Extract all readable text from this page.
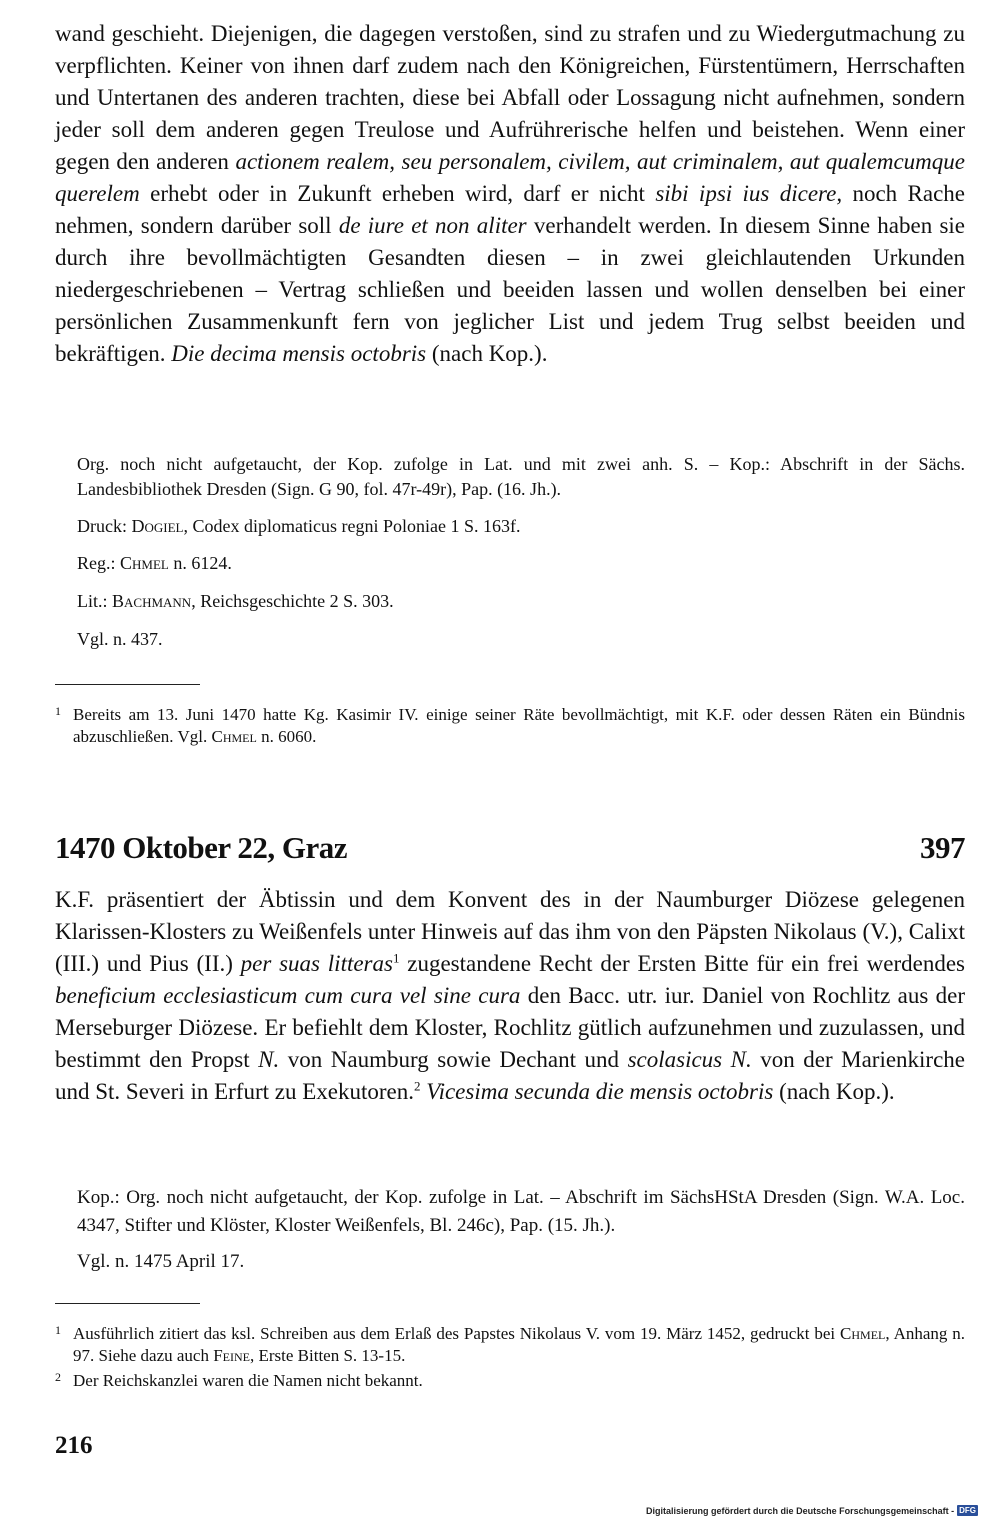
wand geschieht. Diejenigen, die dagegen verstoßen, sind zu strafen und zu Wiedergutmachung zu verpflichten. Keiner von ihnen darf zudem nach den Königreichen, Fürstentümern, Herrschaften und Untertanen des anderen trachten, diese bei Abfall oder Lossagung nicht aufnehmen, sondern jeder soll dem anderen gegen Treulose und Aufrührerische helfen und beistehen. Wenn einer gegen den anderen actionem realem, seu personalem, civilem, aut criminalem, aut qualemcumque querelem erhebt oder in Zukunft erheben wird, darf er nicht sibi ipsi ius dicere, noch Rache nehmen, sondern darüber soll de iure et non aliter verhandelt werden. In diesem Sinne haben sie durch ihre bevollmächtigten Gesandten diesen – in zwei gleichlautenden Urkunden niedergeschriebenen – Vertrag schließen und beeiden lassen und wollen denselben bei einer persönlichen Zusammenkunft fern von jeglicher List und jedem Trug selbst beeiden und bekräftigen. Die decima mensis octobris (nach Kop.).

Org. noch nicht aufgetaucht, der Kop. zufolge in Lat. und mit zwei anh. S. – Kop.: Abschrift in der Sächs. Landesbibliothek Dresden (Sign. G 90, fol. 47r-49r), Pap. (16. Jh.).

Druck: Dogiel, Codex diplomaticus regni Poloniae 1 S. 163f.

Reg.: Chmel n. 6124.

Lit.: Bachmann, Reichsgeschichte 2 S. 303.

Vgl. n. 437.

1 Bereits am 13. Juni 1470 hatte Kg. Kasimir IV. einige seiner Räte bevollmächtigt, mit K.F. oder dessen Räten ein Bündnis abzuschließen. Vgl. Chmel n. 6060.
1470 Oktober 22, Graz	397

K.F. präsentiert der Äbtissin und dem Konvent des in der Naumburger Diözese gelegenen Klarissen-Klosters zu Weißenfels unter Hinweis auf das ihm von den Päpsten Nikolaus (V.), Calixt (III.) und Pius (II.) per suas litteras$^1$ zugestandene Recht der Ersten Bitte für ein frei werdendes beneficium ecclesiasticum cum cura vel sine cura den Bacc. utr. iur. Daniel von Rochlitz aus der Merseburger Diözese. Er befiehlt dem Kloster, Rochlitz gütlich aufzunehmen und zuzulassen, und bestimmt den Propst N. von Naumburg sowie Dechant und scolasicus N. von der Marienkirche und St. Severi in Erfurt zu Exekutoren.$^2$ Vicesima secunda die mensis octobris (nach Kop.).

Kop.: Org. noch nicht aufgetaucht, der Kop. zufolge in Lat. – Abschrift im SächsHStA Dresden (Sign. W.A. Loc. 4347, Stifter und Klöster, Kloster Weißenfels, Bl. 246c), Pap. (15. Jh.).

Vgl. n. 1475 April 17.

1 Ausführlich zitiert das ksl. Schreiben aus dem Erlaß des Papstes Nikolaus V. vom 19. März 1452, gedruckt bei Chmel, Anhang n. 97. Siehe dazu auch Feine, Erste Bitten S. 13-15.
2 Der Reichskanzlei waren die Namen nicht bekannt.
216
Digitalisierung gefördert durch die Deutsche Forschungsgemeinschaft - DFG
